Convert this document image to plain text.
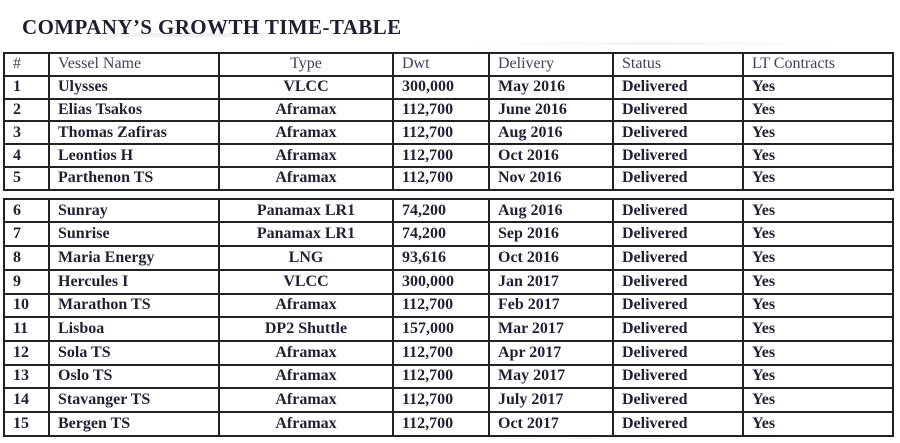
COMPANY’S GROWTH TIME-TABLE
#	Vessel Name	Type	Dwt	Delivery	Status	LT Contracts
1	Ulysses	VLCC	300,000	May 2016	Delivered	Yes
2	Elias Tsakos	Aframax	112,700	June 2016	Delivered	Yes
3	Thomas Zafiras	Aframax	112,700	Aug 2016	Delivered	Yes
4	Leontios H	Aframax	112,700	Oct 2016	Delivered	Yes
5	Parthenon TS	Aframax	112,700	Nov 2016	Delivered	Yes
6	Sunray	Panamax LR1	74,200	Aug 2016	Delivered	Yes
7	Sunrise	Panamax LR1	74,200	Sep 2016	Delivered	Yes
8	Maria Energy	LNG	93,616	Oct 2016	Delivered	Yes
9	Hercules I	VLCC	300,000	Jan 2017	Delivered	Yes
10	Marathon TS	Aframax	112,700	Feb 2017	Delivered	Yes
11	Lisboa	DP2 Shuttle	157,000	Mar 2017	Delivered	Yes
12	Sola TS	Aframax	112,700	Apr 2017	Delivered	Yes
13	Oslo TS	Aframax	112,700	May 2017	Delivered	Yes
14	Stavanger TS	Aframax	112,700	July 2017	Delivered	Yes
15	Bergen TS	Aframax	112,700	Oct 2017	Delivered	Yes
